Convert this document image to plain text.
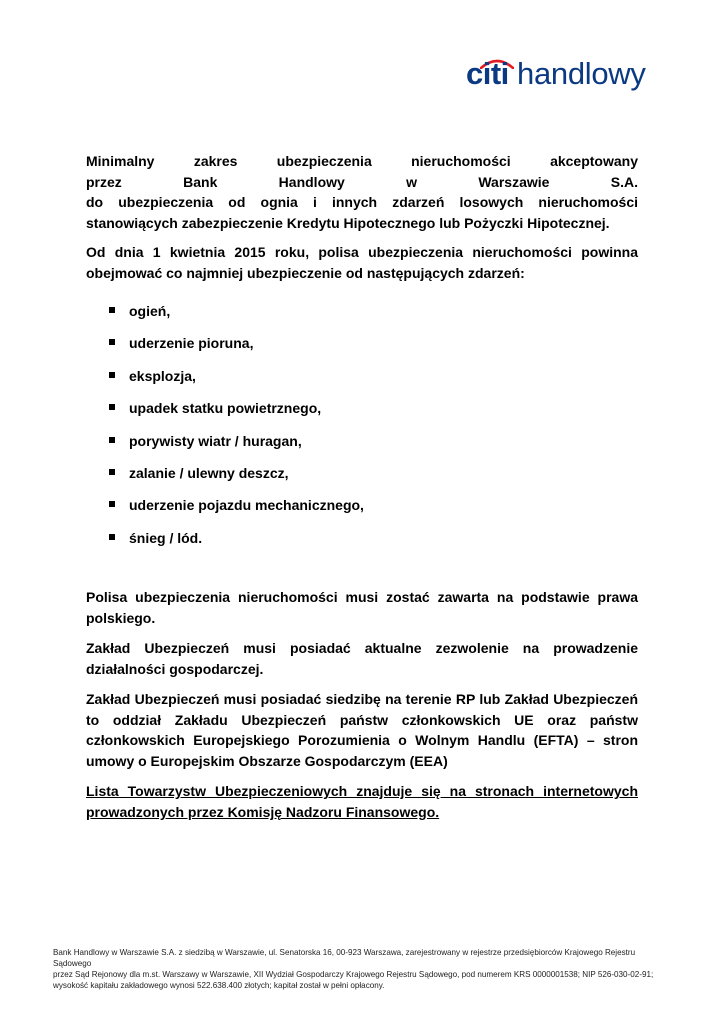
citi handlowy

Minimalny zakres ubezpieczenia nieruchomości akceptowany

przez Bank Handlowy w Warszawie S.A.

do ubezpieczenia od ognia i innych zdarzeń losowych nieruchomości

stanowiących zabezpieczenie Kredytu Hipotecznego lub Pożyczki Hipotecznej.

Od dnia 1 kwietnia 2015 roku, polisa ubezpieczenia nieruchomości powinna obejmować co najmniej ubezpieczenie od następujących zdarzeń:

ogień,
uderzenie pioruna,
eksplozja,
upadek statku powietrznego,
porywisty wiatr / huragan,
zalanie / ulewny deszcz,
uderzenie pojazdu mechanicznego,
śnieg / lód.

Polisa ubezpieczenia nieruchomości musi zostać zawarta na podstawie prawa polskiego.

Zakład Ubezpieczeń musi posiadać aktualne zezwolenie na prowadzenie działalności gospodarczej.

Zakład Ubezpieczeń musi posiadać siedzibę na terenie RP lub Zakład Ubezpieczeń to oddział Zakładu Ubezpieczeń państw członkowskich UE oraz państw członkowskich Europejskiego Porozumienia o Wolnym Handlu (EFTA) – stron umowy o Europejskim Obszarze Gospodarczym (EEA)

Lista Towarzystw Ubezpieczeniowych znajduje się na stronach internetowych prowadzonych przez Komisję Nadzoru Finansowego.

Bank Handlowy w Warszawie S.A. z siedzibą w Warszawie, ul. Senatorska 16, 00-923 Warszawa, zarejestrowany w rejestrze przedsiębiorców Krajowego Rejestru Sądowego
przez Sąd Rejonowy dla m.st. Warszawy w Warszawie, XII Wydział Gospodarczy Krajowego Rejestru Sądowego, pod numerem KRS 0000001538; NIP 526-030-02-91;
wysokość kapitału zakładowego wynosi 522.638.400 złotych; kapitał został w pełni opłacony.
